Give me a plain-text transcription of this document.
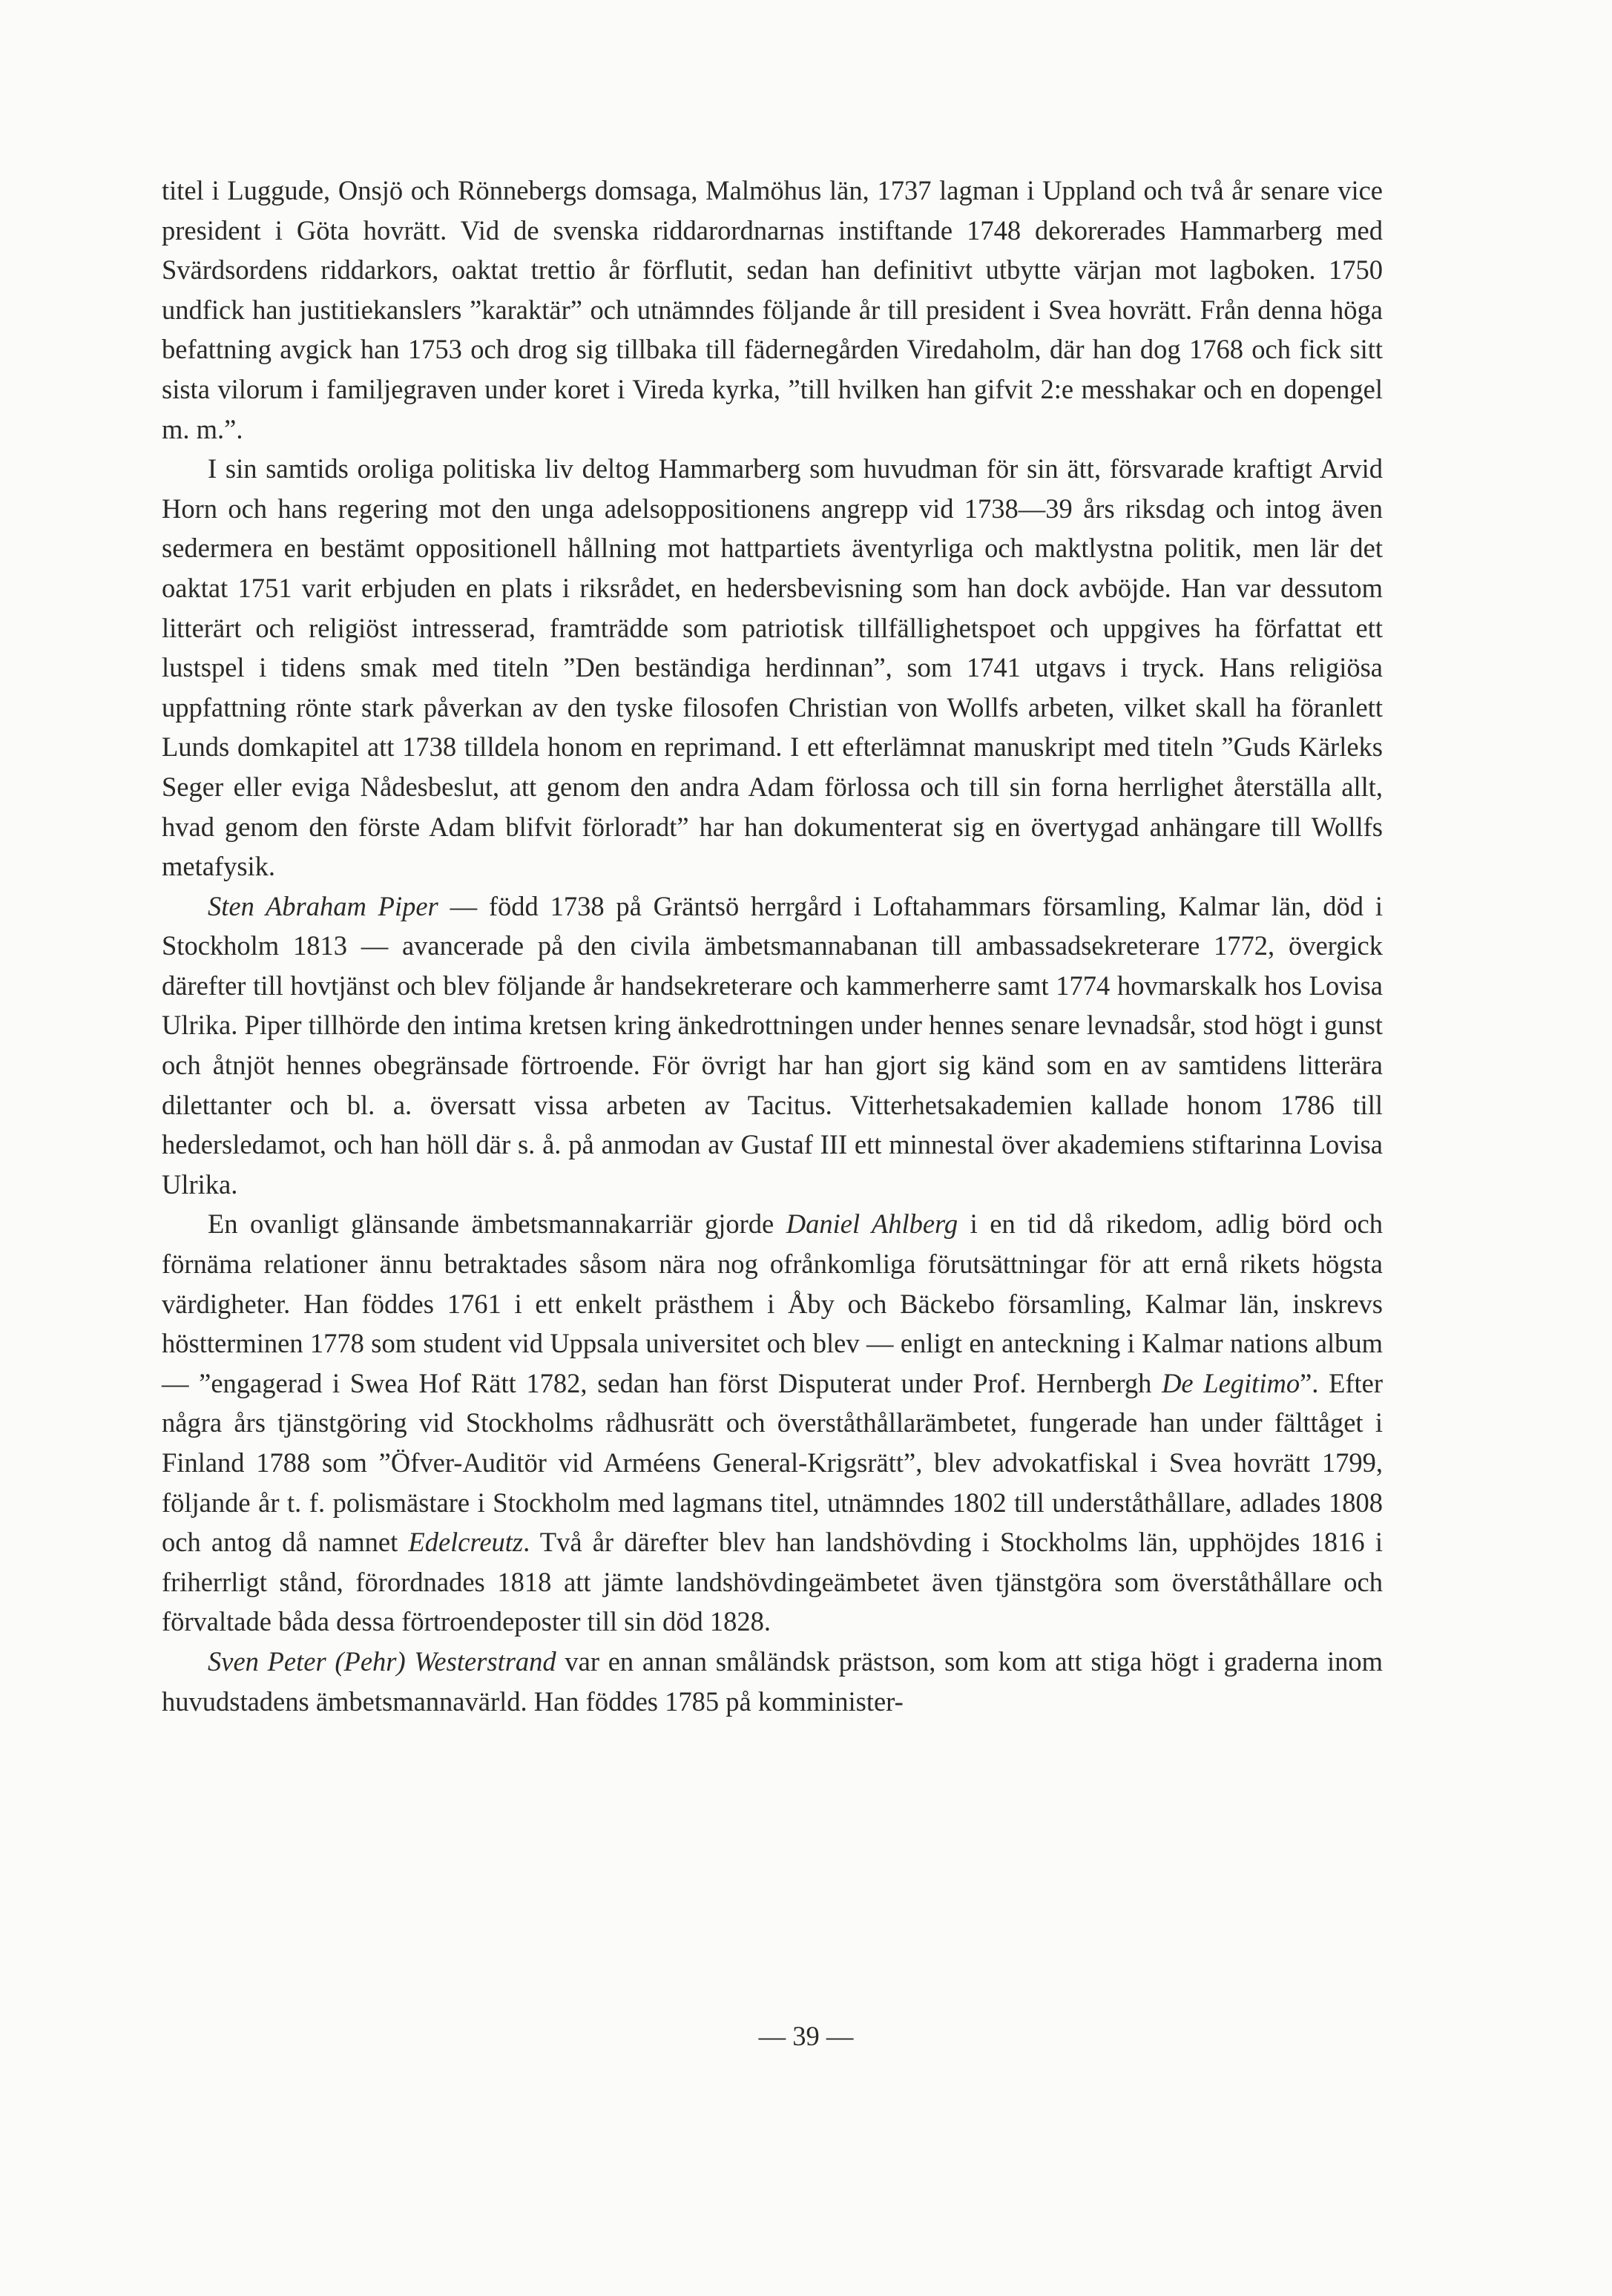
titel i Luggude, Onsjö och Rönnebergs domsaga, Malmöhus län, 1737 lagman i Uppland och två år senare vice president i Göta hovrätt. Vid de svenska riddarordnarnas instiftande 1748 dekorerades Hammarberg med Svärdsordens riddarkors, oaktat trettio år förflutit, sedan han definitivt utbytte värjan mot lagboken. 1750 undfick han justitiekanslers ”karaktär” och utnämndes följande år till president i Svea hovrätt. Från denna höga befattning avgick han 1753 och drog sig tillbaka till fädernegården Viredaholm, där han dog 1768 och fick sitt sista vilorum i familjegraven under koret i Vireda kyrka, ”till hvilken han gifvit 2:e messhakar och en dopengel m. m.”.

I sin samtids oroliga politiska liv deltog Hammarberg som huvudman för sin ätt, försvarade kraftigt Arvid Horn och hans regering mot den unga adelsoppositionens angrepp vid 1738—39 års riksdag och intog även sedermera en bestämt oppositionell hållning mot hattpartiets äventyrliga och maktlystna politik, men lär det oaktat 1751 varit erbjuden en plats i riksrådet, en hedersbevisning som han dock avböjde. Han var dessutom litterärt och religiöst intresserad, framträdde som patriotisk tillfällighetspoet och uppgives ha författat ett lustspel i tidens smak med titeln ”Den beständiga herdinnan”, som 1741 utgavs i tryck. Hans religiösa uppfattning rönte stark påverkan av den tyske filosofen Christian von Wollfs arbeten, vilket skall ha föranlett Lunds domkapitel att 1738 tilldela honom en reprimand. I ett efterlämnat manuskript med titeln ”Guds Kärleks Seger eller eviga Nådesbeslut, att genom den andra Adam förlossa och till sin forna herrlighet återställa allt, hvad genom den förste Adam blifvit förloradt” har han dokumenterat sig en övertygad anhängare till Wollfs metafysik.

Sten Abraham Piper — född 1738 på Gräntsö herrgård i Loftahammars församling, Kalmar län, död i Stockholm 1813 — avancerade på den civila ämbetsmannabanan till ambassadsekreterare 1772, övergick därefter till hovtjänst och blev följande år handsekreterare och kammerherre samt 1774 hovmarskalk hos Lovisa Ulrika. Piper tillhörde den intima kretsen kring änkedrottningen under hennes senare levnadsår, stod högt i gunst och åtnjöt hennes obegränsade förtroende. För övrigt har han gjort sig känd som en av samtidens litterära dilettanter och bl. a. översatt vissa arbeten av Tacitus. Vitterhetsakademien kallade honom 1786 till hedersledamot, och han höll där s. å. på anmodan av Gustaf III ett minnestal över akademiens stiftarinna Lovisa Ulrika.

En ovanligt glänsande ämbetsmannakarriär gjorde Daniel Ahlberg i en tid då rikedom, adlig börd och förnäma relationer ännu betraktades såsom nära nog ofrånkomliga förutsättningar för att ernå rikets högsta värdigheter. Han föddes 1761 i ett enkelt prästhem i Åby och Bäckebo församling, Kalmar län, inskrevs höstterminen 1778 som student vid Uppsala universitet och blev — enligt en anteckning i Kalmar nations album — ”engagerad i Swea Hof Rätt 1782, sedan han först Disputerat under Prof. Hernbergh De Legitimo”. Efter några års tjänstgöring vid Stockholms rådhusrätt och överståthållarämbetet, fungerade han under fälttåget i Finland 1788 som ”Öfver-Auditör vid Arméens General-Krigsrätt”, blev advokatfiskal i Svea hovrätt 1799, följande år t. f. polismästare i Stockholm med lagmans titel, utnämndes 1802 till underståthållare, adlades 1808 och antog då namnet Edelcreutz. Två år därefter blev han landshövding i Stockholms län, upphöjdes 1816 i friherrligt stånd, förordnades 1818 att jämte landshövdingeämbetet även tjänstgöra som överståthållare och förvaltade båda dessa förtroendeposter till sin död 1828.

Sven Peter (Pehr) Westerstrand var en annan småländsk prästson, som kom att stiga högt i graderna inom huvudstadens ämbetsmannavärld. Han föddes 1785 på komminister-

— 39 —
